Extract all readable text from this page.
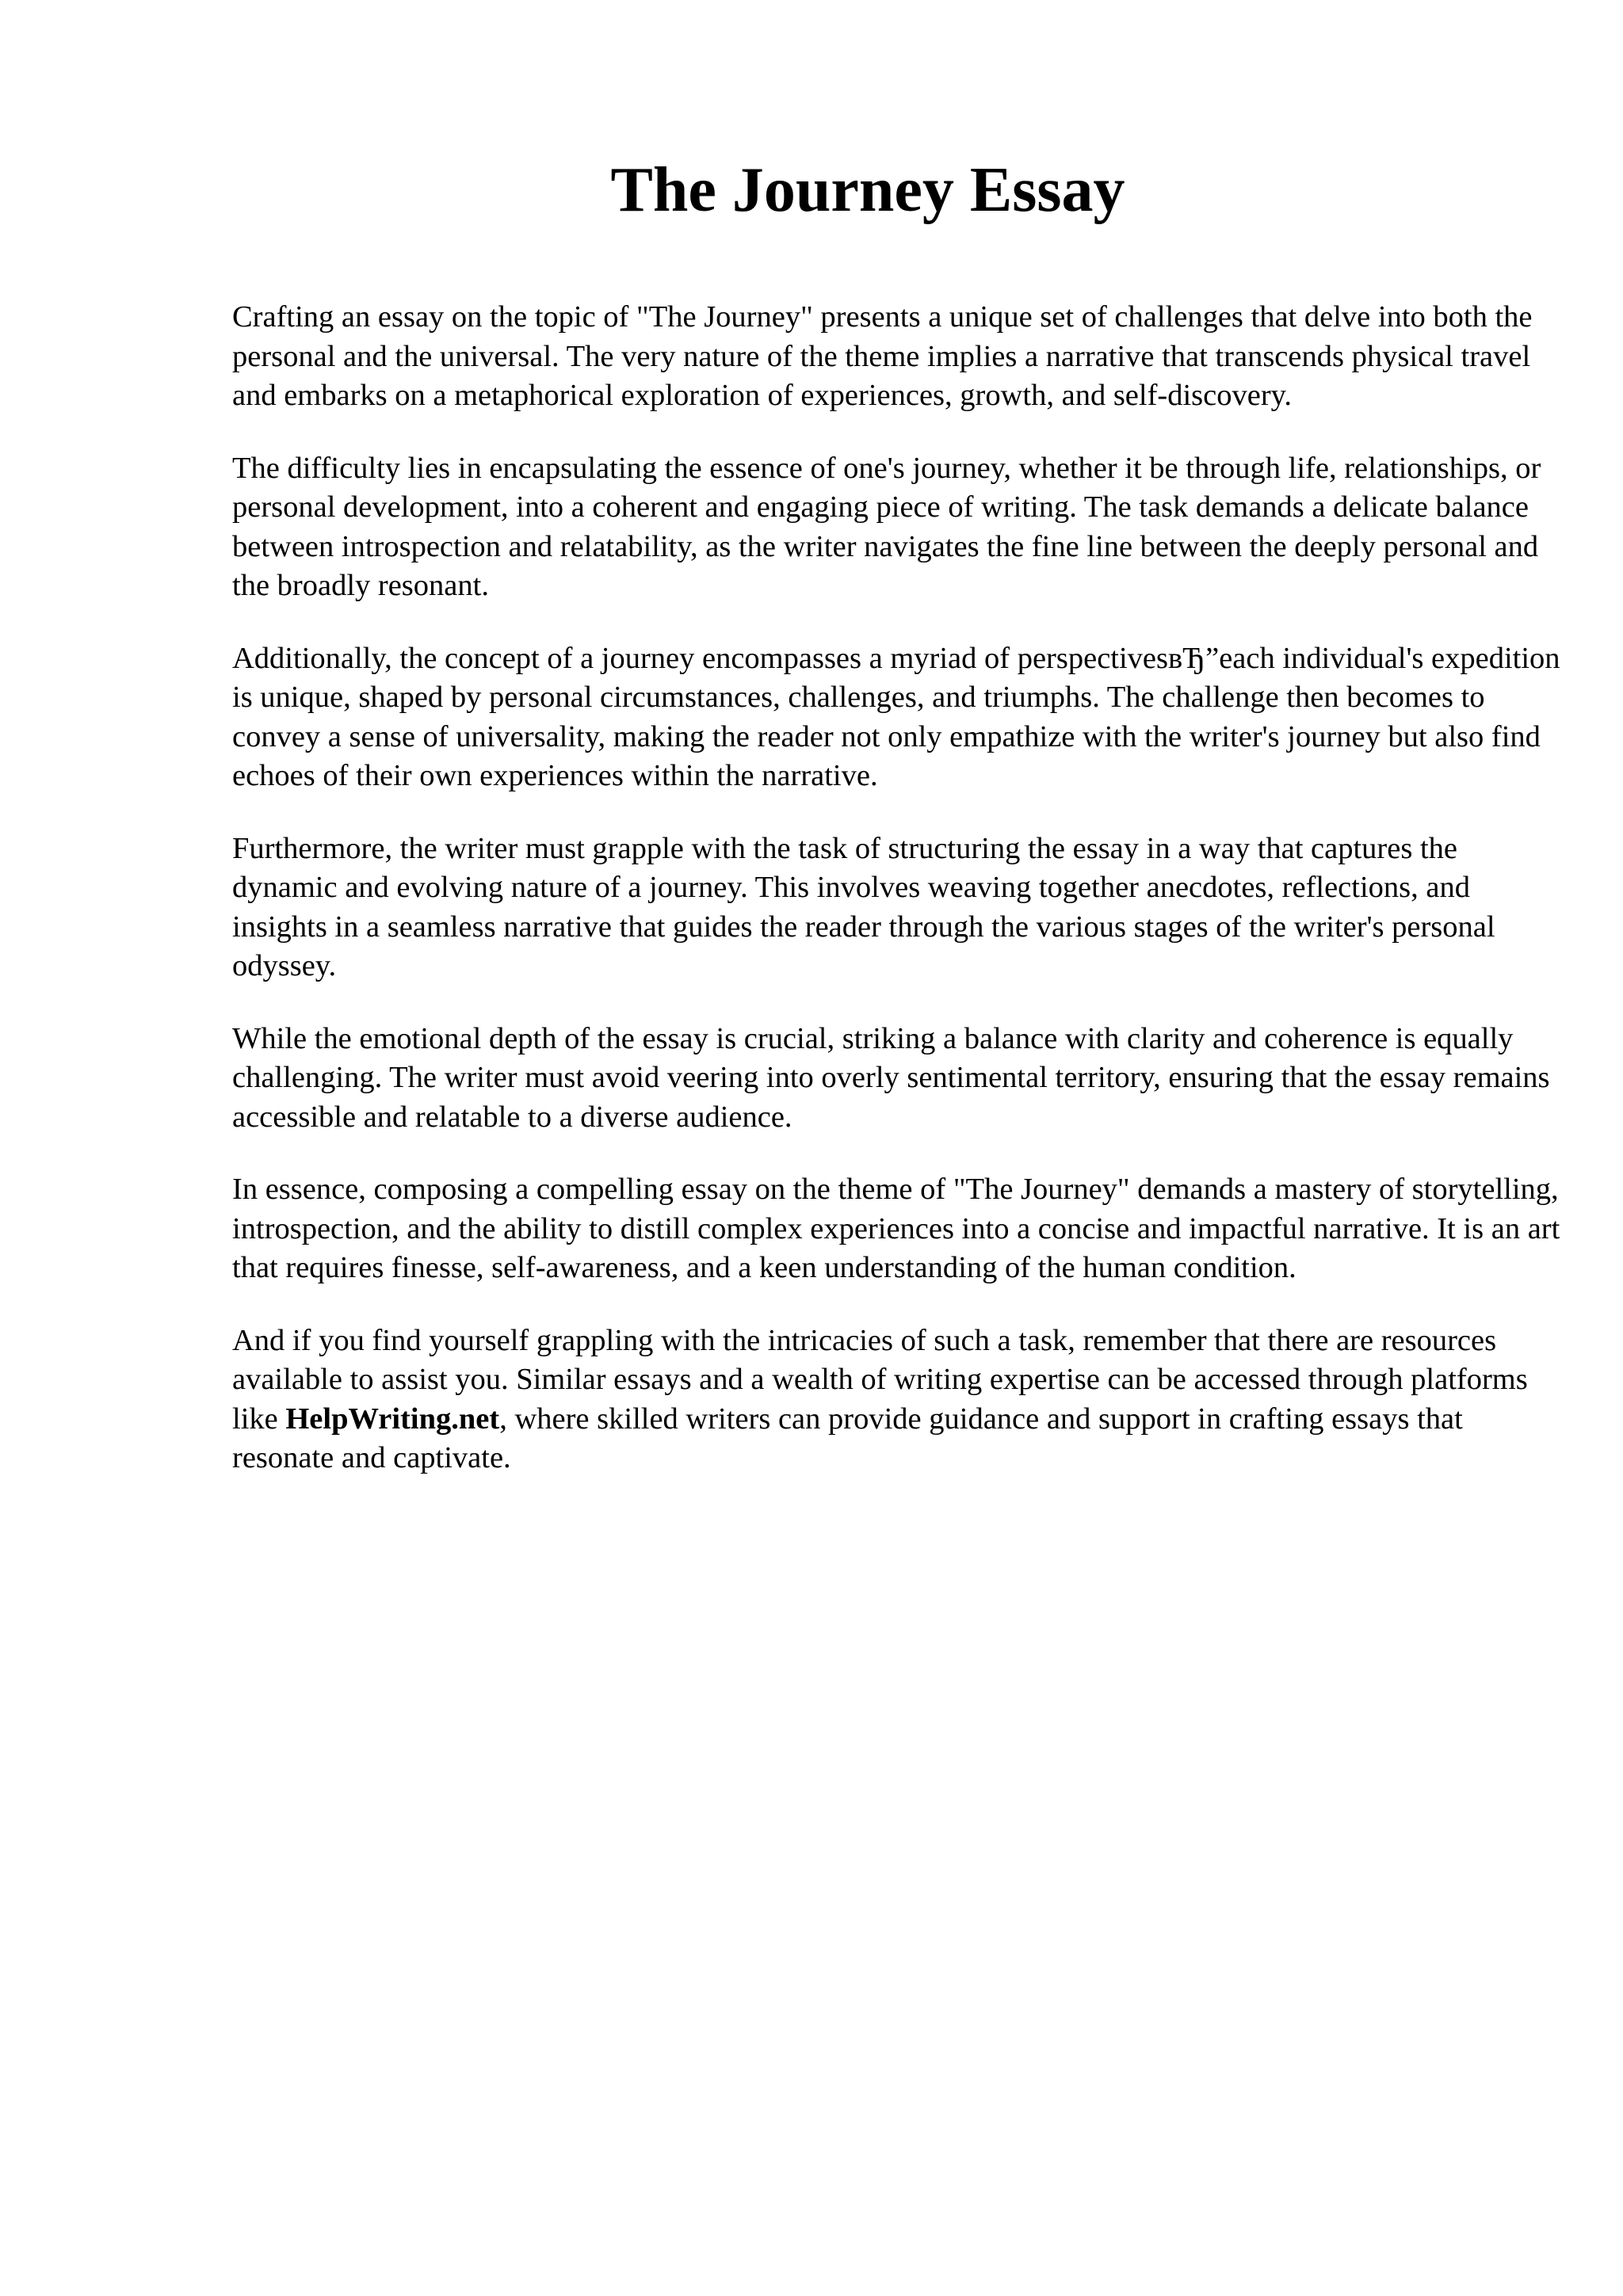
The Journey Essay

Crafting an essay on the topic of "The Journey" presents a unique set of challenges that delve into both the personal and the universal. The very nature of the theme implies a narrative that transcends physical travel and embarks on a metaphorical exploration of experiences, growth, and self-discovery.

The difficulty lies in encapsulating the essence of one's journey, whether it be through life, relationships, or personal development, into a coherent and engaging piece of writing. The task demands a delicate balance between introspection and relatability, as the writer navigates the fine line between the deeply personal and the broadly resonant.

Additionally, the concept of a journey encompasses a myriad of perspectivesвЂ”each individual's expedition is unique, shaped by personal circumstances, challenges, and triumphs. The challenge then becomes to convey a sense of universality, making the reader not only empathize with the writer's journey but also find echoes of their own experiences within the narrative.

Furthermore, the writer must grapple with the task of structuring the essay in a way that captures the dynamic and evolving nature of a journey. This involves weaving together anecdotes, reflections, and insights in a seamless narrative that guides the reader through the various stages of the writer's personal odyssey.

While the emotional depth of the essay is crucial, striking a balance with clarity and coherence is equally challenging. The writer must avoid veering into overly sentimental territory, ensuring that the essay remains accessible and relatable to a diverse audience.

In essence, composing a compelling essay on the theme of "The Journey" demands a mastery of storytelling, introspection, and the ability to distill complex experiences into a concise and impactful narrative. It is an art that requires finesse, self-awareness, and a keen understanding of the human condition.

And if you find yourself grappling with the intricacies of such a task, remember that there are resources available to assist you. Similar essays and a wealth of writing expertise can be accessed through platforms like HelpWriting.net, where skilled writers can provide guidance and support in crafting essays that resonate and captivate.
